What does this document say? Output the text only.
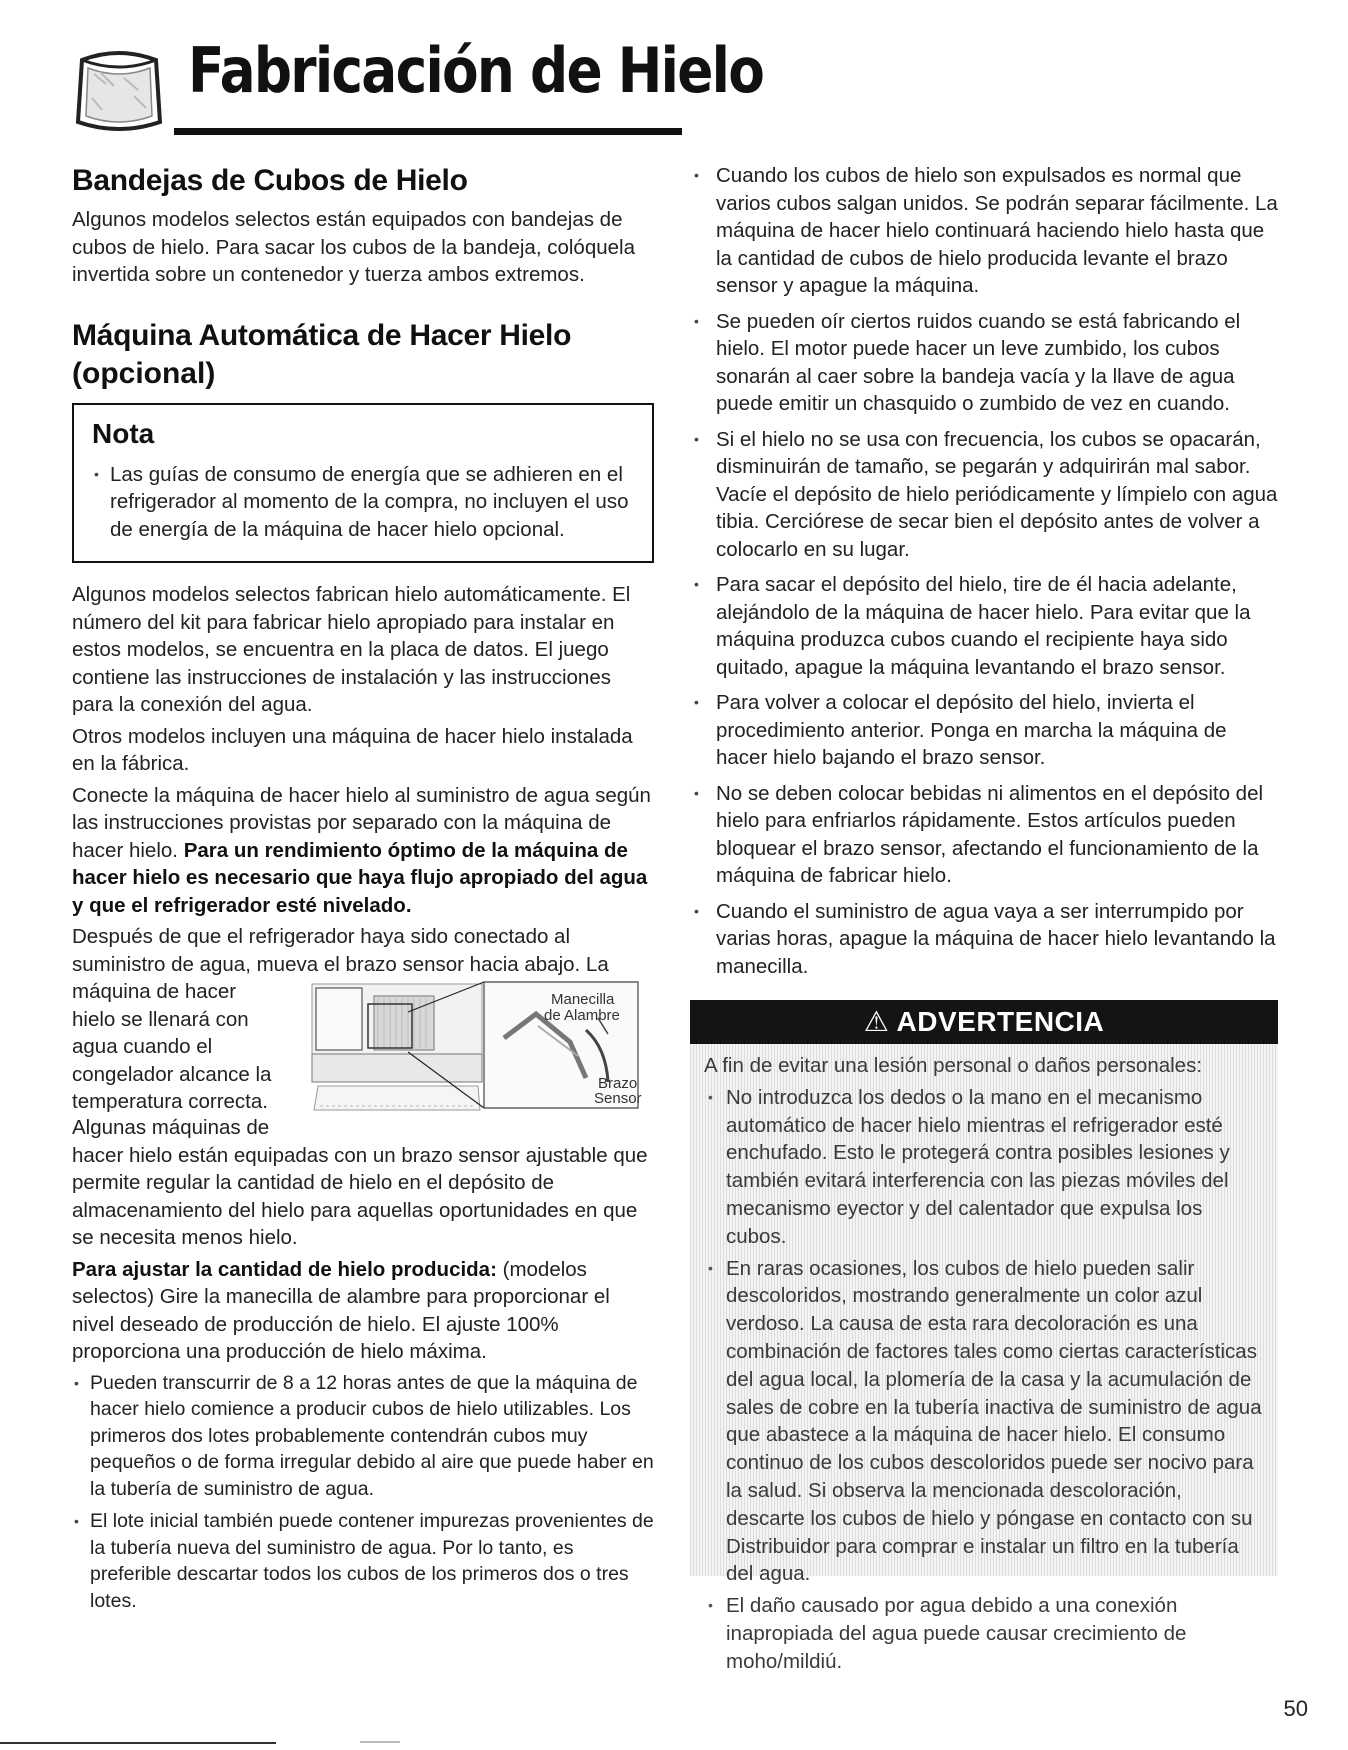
Fabricación de Hielo
Bandejas de Cubos de Hielo

Algunos modelos selectos están equipados con bandejas de cubos de hielo. Para sacar los cubos de la bandeja, colóquela invertida sobre un contenedor y tuerza ambos extremos.

Máquina Automática de Hacer Hielo
(opcional)
Nota
• Las guías de consumo de energía que se adhieren en el refrigerador al momento de la compra, no incluyen el uso de energía de la máquina de hacer hielo opcional.

Algunos modelos selectos fabrican hielo automáticamente. El número del kit para fabricar hielo apropiado para instalar en estos modelos, se encuentra en la placa de datos. El juego contiene las instrucciones de instalación y las instrucciones para la conexión del agua.

Otros modelos incluyen una máquina de hacer hielo instalada en la fábrica.

Conecte la máquina de hacer hielo al suministro de agua según las instrucciones provistas por separado con la máquina de hacer hielo. Para un rendimiento óptimo de la máquina de hacer hielo es necesario que haya flujo apropiado del agua y que el refrigerador esté nivelado.

Después de que el refrigerador haya sido conectado al suministro de agua, mueva el brazo sensor hacia abajo. La

máquina de hacer hielo se llenará con agua cuando el congelador alcance la temperatura correcta.

Manecilla
de Alambre
Brazo
Sensor

Algunas máquinas de

hacer hielo están equipadas con un brazo sensor ajustable que permite regular la cantidad de hielo en el depósito de almacenamiento del hielo para aquellas oportunidades en que se necesita menos hielo.

Para ajustar la cantidad de hielo producida: (modelos selectos) Gire la manecilla de alambre para proporcionar el nivel deseado de producción de hielo. El ajuste 100% proporciona una producción de hielo máxima.

• Pueden transcurrir de 8 a 12 horas antes de que la máquina de hacer hielo comience a producir cubos de hielo utilizables. Los primeros dos lotes probablemente contendrán cubos muy pequeños o de forma irregular debido al aire que puede haber en la tubería de suministro de agua.
• El lote inicial también puede contener impurezas provenientes de la tubería nueva del suministro de agua. Por lo tanto, es preferible descartar todos los cubos de los primeros dos o tres lotes.
• Cuando los cubos de hielo son expulsados es normal que varios cubos salgan unidos. Se podrán separar fácilmente. La máquina de hacer hielo continuará haciendo hielo hasta que la cantidad de cubos de hielo producida levante el brazo sensor y apague la máquina.
• Se pueden oír ciertos ruidos cuando se está fabricando el hielo. El motor puede hacer un leve zumbido, los cubos sonarán al caer sobre la bandeja vacía y la llave de agua puede emitir un chasquido o zumbido de vez en cuando.
• Si el hielo no se usa con frecuencia, los cubos se opacarán, disminuirán de tamaño, se pegarán y adquirirán mal sabor. Vacíe el depósito de hielo periódicamente y límpielo con agua tibia. Cerciórese de secar bien el depósito antes de volver a colocarlo en su lugar.
• Para sacar el depósito del hielo, tire de él hacia adelante, alejándolo de la máquina de hacer hielo. Para evitar que la máquina produzca cubos cuando el recipiente haya sido quitado, apague la máquina levantando el brazo sensor.
• Para volver a colocar el depósito del hielo, invierta el procedimiento anterior. Ponga en marcha la máquina de hacer hielo bajando el brazo sensor.
• No se deben colocar bebidas ni alimentos en el depósito del hielo para enfriarlos rápidamente. Estos artículos pueden bloquear el brazo sensor, afectando el funcionamiento de la máquina de fabricar hielo.
• Cuando el suministro de agua vaya a ser interrumpido por varias horas, apague la máquina de hacer hielo levantando la manecilla.
⚠ ADVERTENCIA

A fin de evitar una lesión personal o daños personales:

• No introduzca los dedos o la mano en el mecanismo automático de hacer hielo mientras el refrigerador esté enchufado. Esto le protegerá contra posibles lesiones y también evitará interferencia con las piezas móviles del mecanismo eyector y del calentador que expulsa los cubos.
• En raras ocasiones, los cubos de hielo pueden salir descoloridos, mostrando generalmente un color azul verdoso. La causa de esta rara decoloración es una combinación de factores tales como ciertas características del agua local, la plomería de la casa y la acumulación de sales de cobre en la tubería inactiva de suministro de agua que abastece a la máquina de hacer hielo. El consumo continuo de los cubos descoloridos puede ser nocivo para la salud. Si observa la mencionada descoloración, descarte los cubos de hielo y póngase en contacto con su Distribuidor para comprar e instalar un filtro en la tubería del agua.
• El daño causado por agua debido a una conexión inapropiada del agua puede causar crecimiento de moho/mildiú.
50
